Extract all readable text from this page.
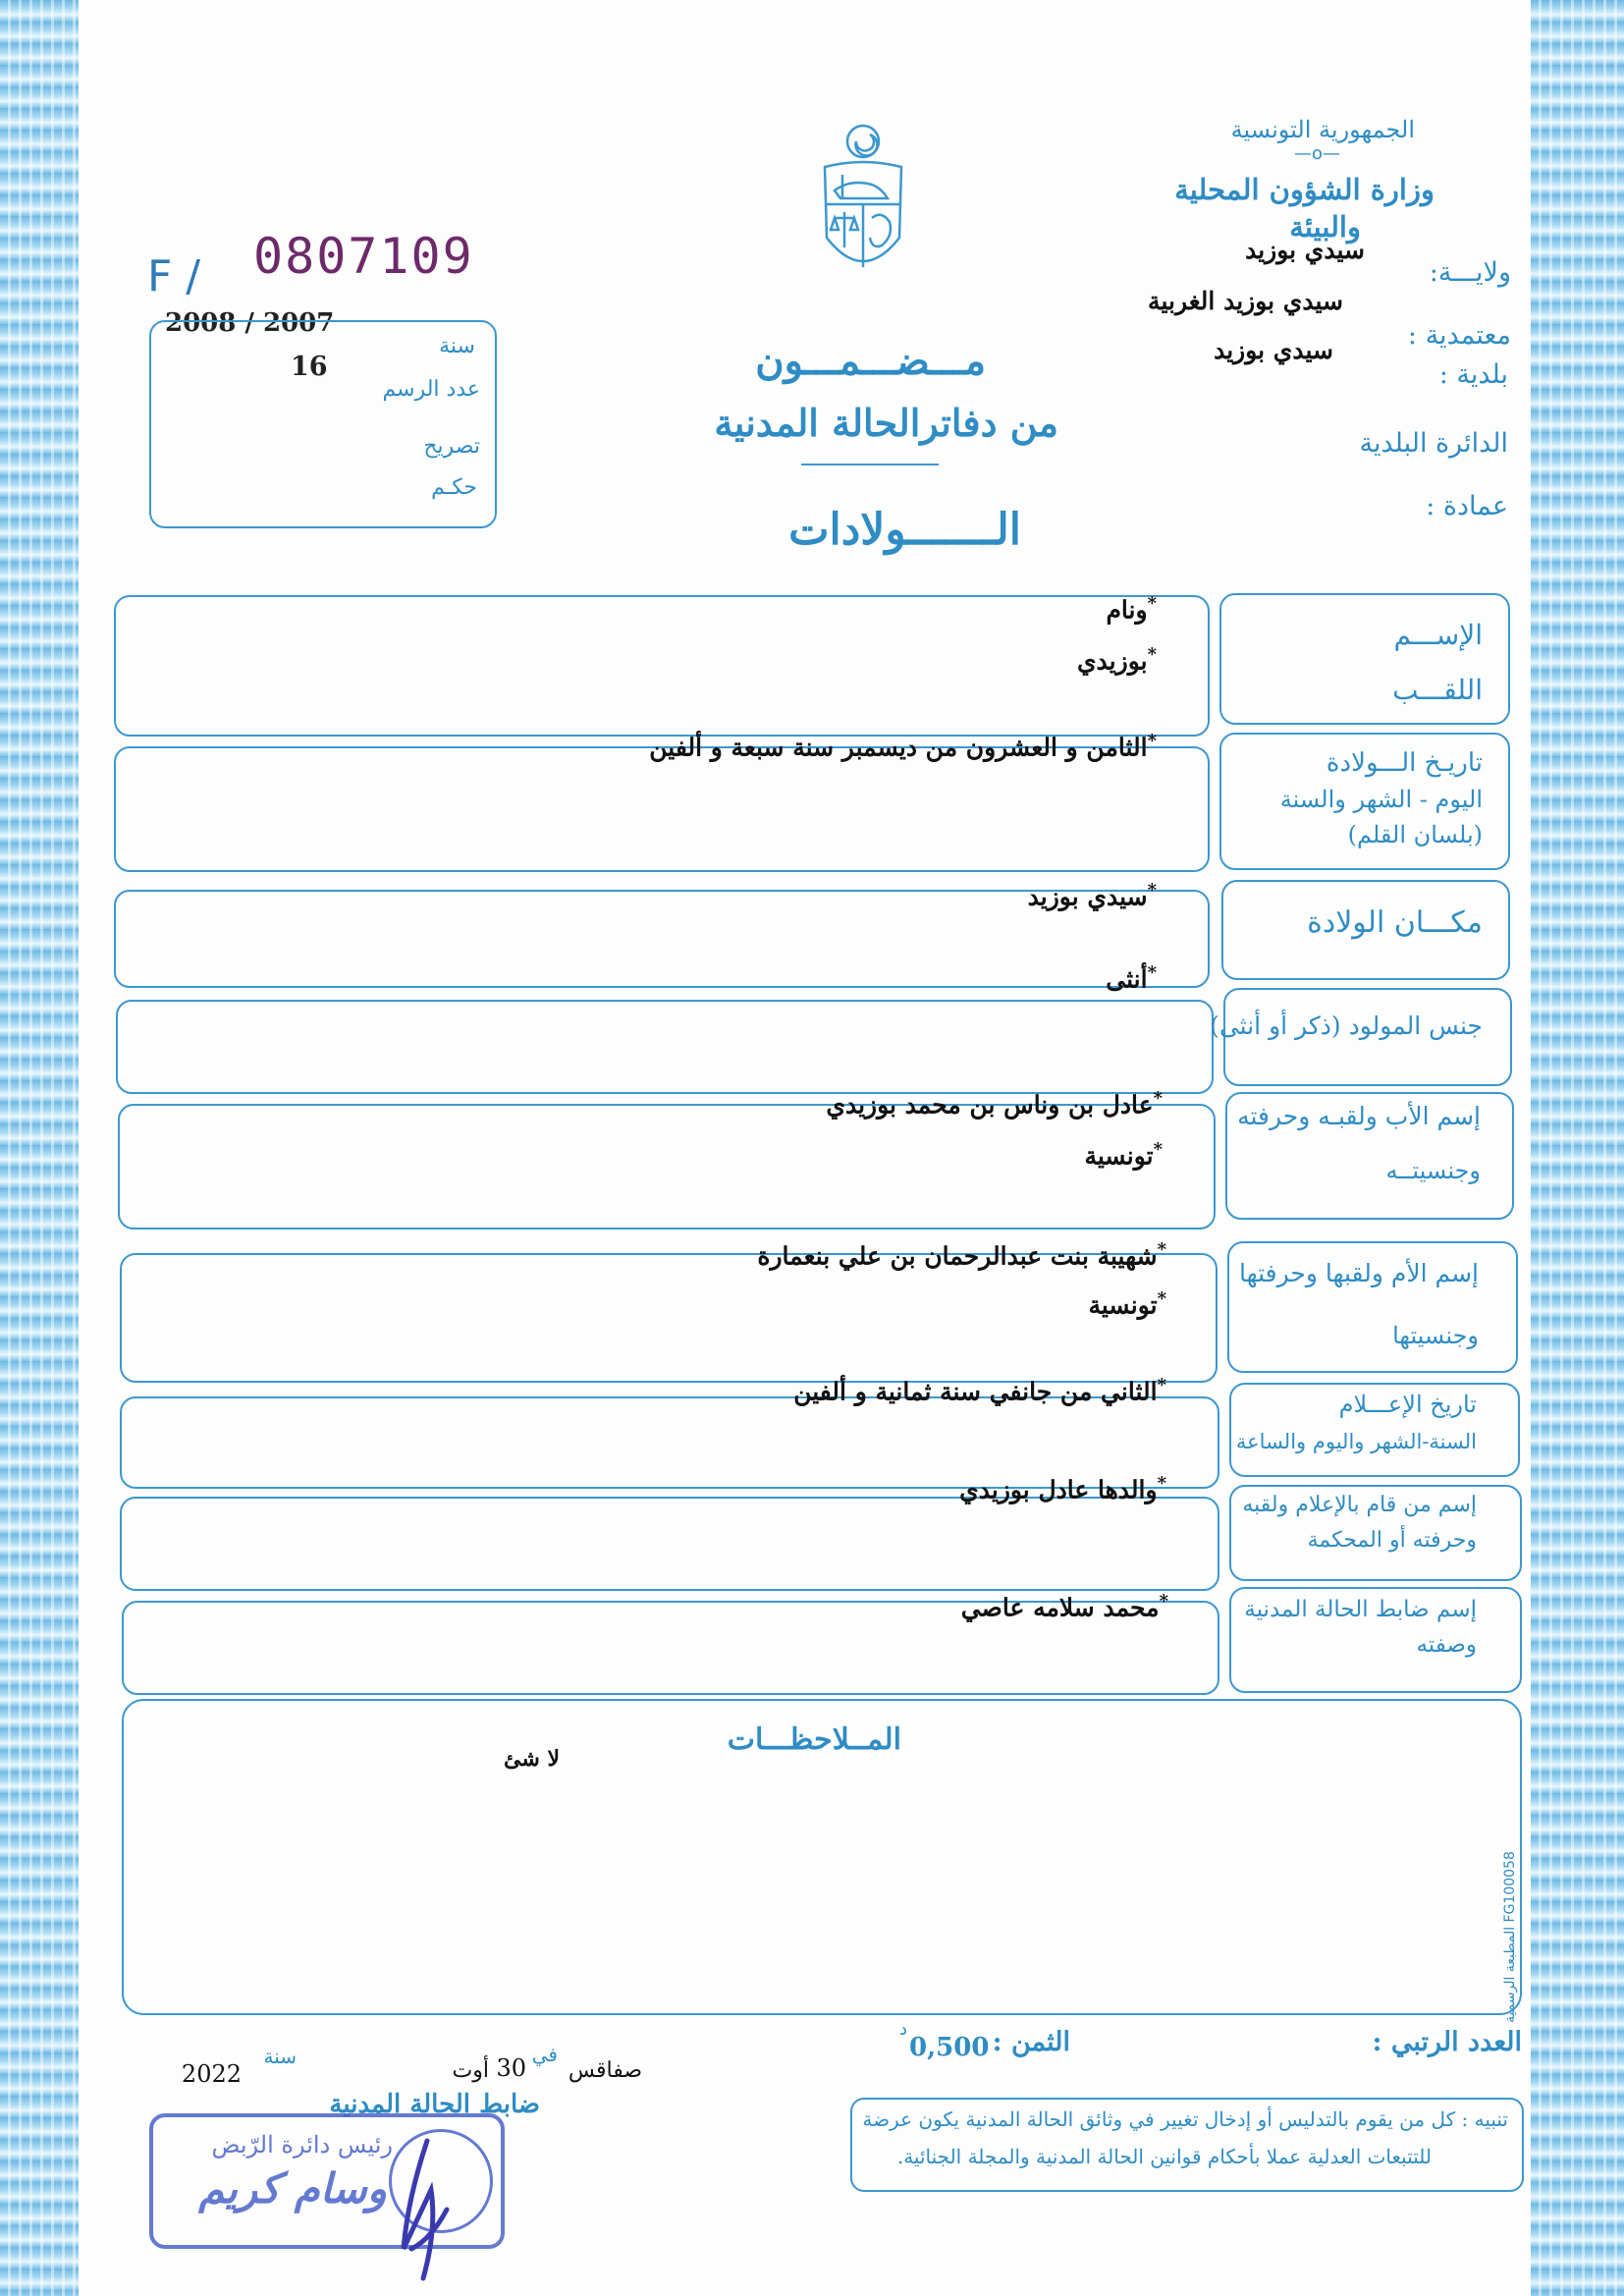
الجمهورية التونسية
—o—
وزارة الشؤون المحلية
والبيئة
ولايـــة:
سيدي بوزيد
معتمدية :
سيدي بوزيد الغربية
بلدية :
سيدي بوزيد
الدائرة البلدية
عمادة :
F / 0807109
2008 / 2007
سنة
عدد الرسم
16
تصريح
حكـم
مـــضـــمـــون
من دفاترالحالة المدنية
الـــــــولادات
الإســـم
اللقـــب
*ونام
*بوزيدي
تاريـخ الـــولادة
اليوم - الشهر والسنة
(بلسان القلم)
*الثامن و العشرون من ديسمبر سنة سبعة و ألفين
مكـــان الولادة
*سيدي بوزيد
جنس المولود (ذكر أو أنثى)
*أنثى
إسم الأب ولقبـه وحرفته
وجنسيتــه
*عادل بن وناس بن محمد بوزيدي
*تونسية
إسم الأم ولقبها وحرفتها
وجنسيتها
*شهيبة بنت عبدالرحمان بن علي بنعمارة
*تونسية
تاريخ الإعـــلام
السنة-الشهر واليوم والساعة
*الثاني من جانفي سنة ثمانية و ألفين
إسم من قام بالإعلام ولقبه
وحرفته أو المحكمة
*والدها عادل بوزيدي
إسم ضابط الحالة المدنية
وصفته
*محمد سلامه عاصي
المــلاحظـــات
لا شئ
العدد الرتبي :
الثمن :
0,500
د
صفاقس
في
30
أوت
سنة
2022
ضابط الحالة المدنية	تنبيه : كل من يقوم بالتدليس أو إدخال تغيير في وثائق الحالة المدنية يكون عرضة
للتتبعات العدلية عملا بأحكام قوانين الحالة المدنية والمجلة الجنائية.
المطبعة الرسمية FG100058
رئيس دائرة الرّبض
وسام كريم
